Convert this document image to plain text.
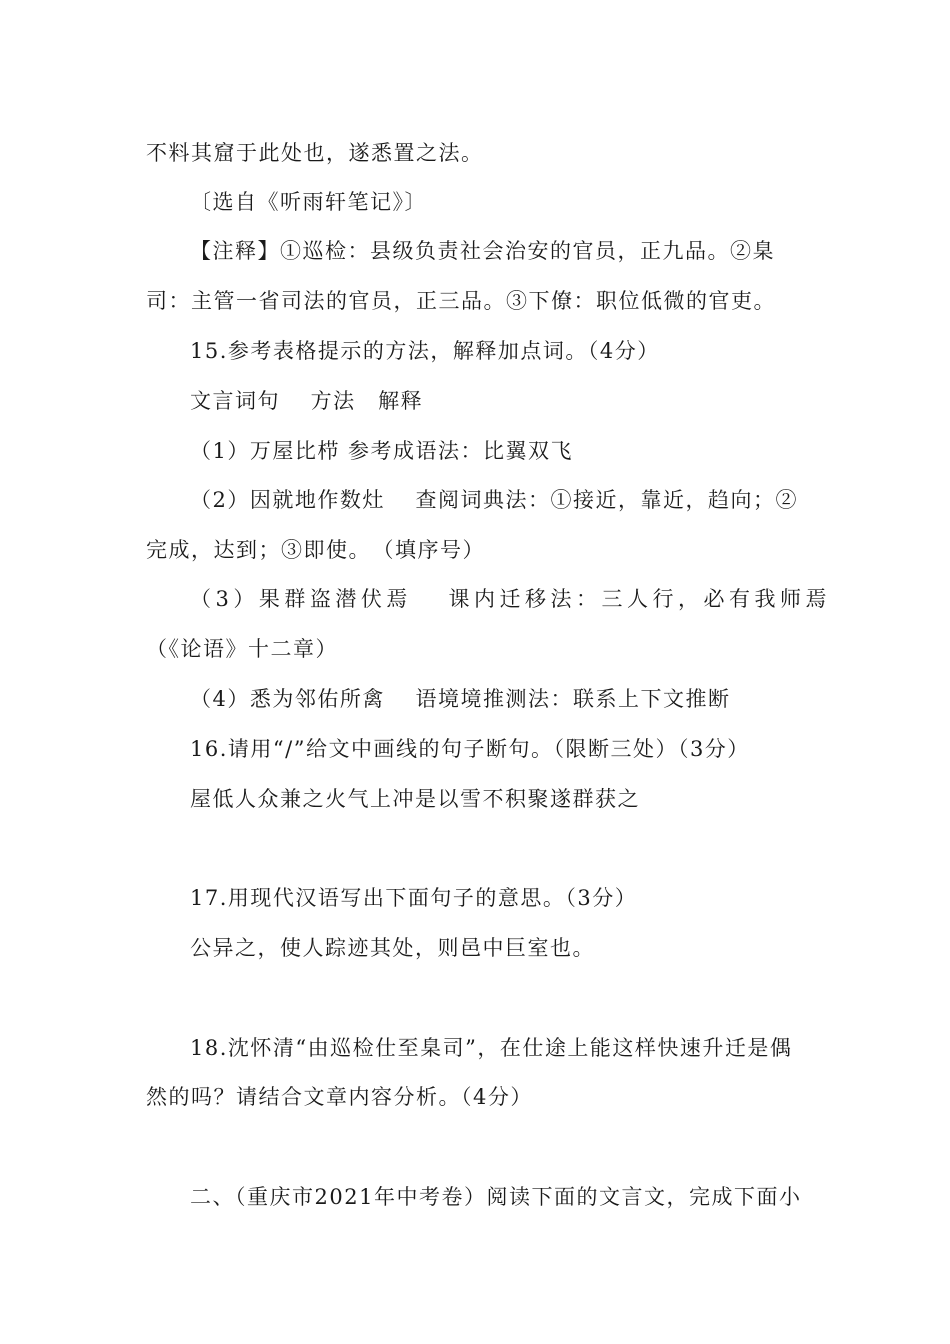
不料其窟于此处也，遂悉置之法。
〔选自《听雨轩笔记》〕
【注释】①巡检：县级负责社会治安的官员，正九品。②臬
司：主管一省司法的官员，正三品。③下僚：职位低微的官吏。
15.参考表格提示的方法，解释加点词。（4分）
文言词句　 方法　解释
（1）万屋比栉 参考成语法：比翼双飞
（2）因就地作数灶　 查阅词典法：①接近，靠近，趋向；②
完成，达到；③即使。　（填序号）
（3）果群盗潜伏焉　 课内迁移法：三人行，必有我师焉
（《论语》十二章）
（4）悉为邻佑所禽　 语境境推测法：联系上下文推断
16.请用“/”给文中画线的句子断句。（限断三处）（3分）
屋低人众兼之火气上冲是以雪不积聚遂群获之
17.用现代汉语写出下面句子的意思。（3分）
公异之，使人踪迹其处，则邑中巨室也。
18.沈怀清“由巡检仕至臬司”，在仕途上能这样快速升迁是偶
然的吗？请结合文章内容分析。（4分）
二、（重庆市2021年中考卷）阅读下面的文言文，完成下面小
